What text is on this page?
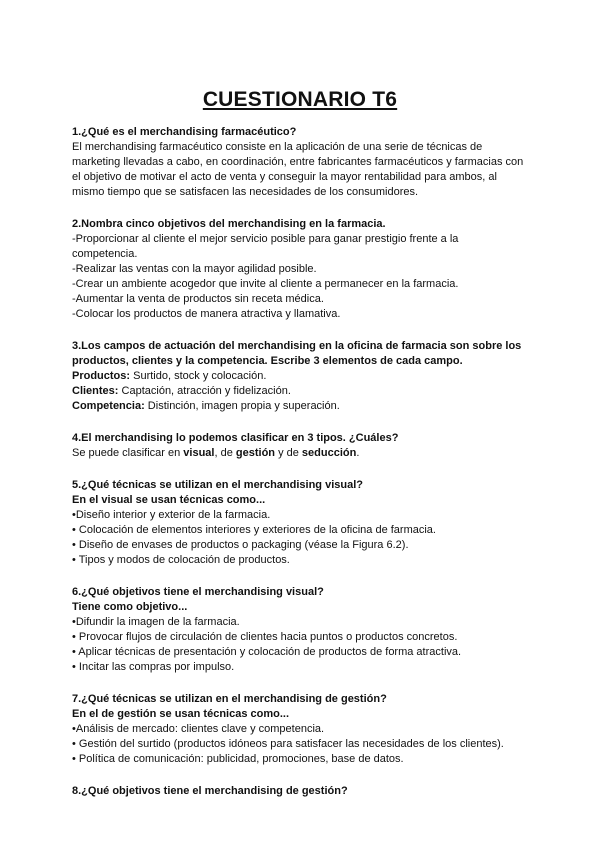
CUESTIONARIO T6
1.¿Qué es el merchandising farmacéutico?
El merchandising farmacéutico consiste en la aplicación de una serie de técnicas de
marketing llevadas a cabo, en coordinación, entre fabricantes farmacéuticos y farmacias con
el objetivo de motivar el acto de venta y conseguir la mayor rentabilidad para ambos, al
mismo tiempo que se satisfacen las necesidades de los consumidores.
2.Nombra cinco objetivos del merchandising en la farmacia.
-Proporcionar al cliente el mejor servicio posible para ganar prestigio frente a la
competencia.
-Realizar las ventas con la mayor agilidad posible.
-Crear un ambiente acogedor que invite al cliente a permanecer en la farmacia.
-Aumentar la venta de productos sin receta médica.
-Colocar los productos de manera atractiva y llamativa.
3.Los campos de actuación del merchandising en la oficina de farmacia son sobre los
productos, clientes y la competencia. Escribe 3 elementos de cada campo.
Productos: Surtido, stock y colocación.
Clientes: Captación, atracción y fidelización.
Competencia: Distinción, imagen propia y superación.
4.El merchandising lo podemos clasificar en 3 tipos. ¿Cuáles?
Se puede clasificar en visual, de gestión y de seducción.
5.¿Qué técnicas se utilizan en el merchandising visual?
En el visual se usan técnicas como...
•Diseño interior y exterior de la farmacia.
• Colocación de elementos interiores y exteriores de la oficina de farmacia.
• Diseño de envases de productos o packaging (véase la Figura 6.2).
• Tipos y modos de colocación de productos.
6.¿Qué objetivos tiene el merchandising visual?
Tiene como objetivo...
•Difundir la imagen de la farmacia.
• Provocar flujos de circulación de clientes hacia puntos o productos concretos.
• Aplicar técnicas de presentación y colocación de productos de forma atractiva.
• Incitar las compras por impulso.
7.¿Qué técnicas se utilizan en el merchandising de gestión?
En el de gestión se usan técnicas como...
•Análisis de mercado: clientes clave y competencia.
• Gestión del surtido (productos idóneos para satisfacer las necesidades de los clientes).
• Política de comunicación: publicidad, promociones, base de datos.
8.¿Qué objetivos tiene el merchandising de gestión?
